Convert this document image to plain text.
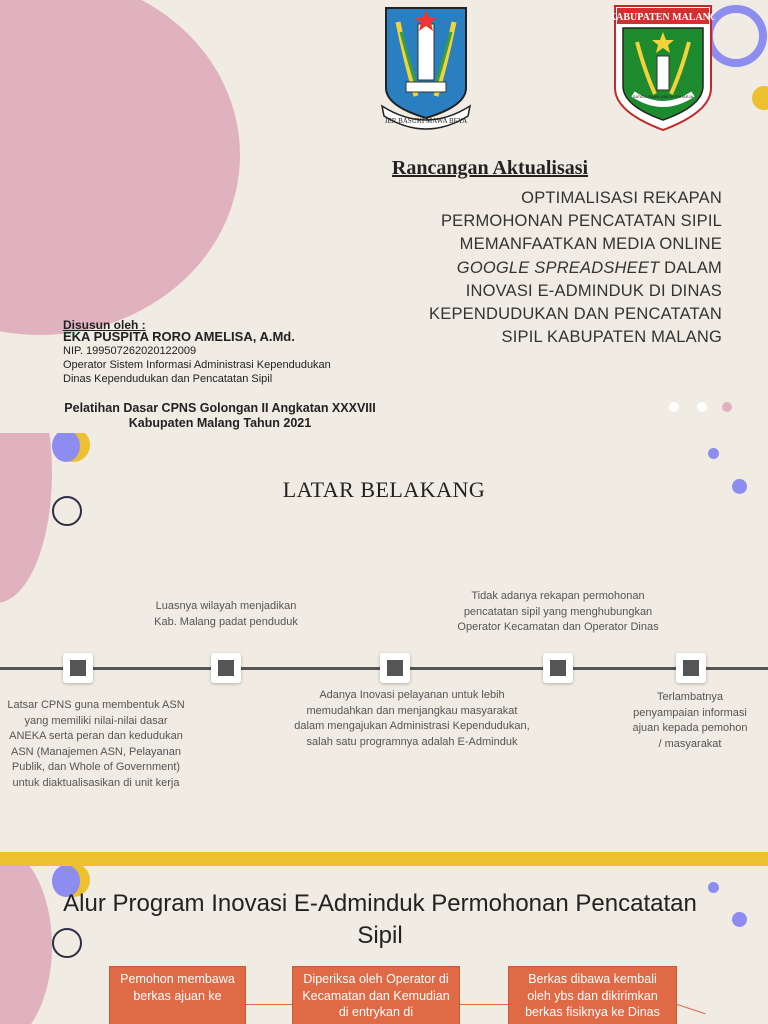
JER BASUKI MAWA BEYA
KABUPATEN MALANG
SATATA GAMA KARTA RAHARJA
Rancangan Aktualisasi
OPTIMALISASI REKAPAN
PERMOHONAN PENCATATAN SIPIL
MEMANFAATKAN MEDIA ONLINE
GOOGLE SPREADSHEET DALAM
INOVASI E-ADMINDUK DI DINAS
KEPENDUDUKAN DAN PENCATATAN
SIPIL KABUPATEN MALANG
Disusun oleh :
EKA PUSPITA RORO AMELISA, A.Md.
NIP. 199507262020122009
Operator Sistem Informasi Administrasi Kependudukan
Dinas Kependudukan dan Pencatatan Sipil
Pelatihan Dasar CPNS Golongan II Angkatan XXXVIII
Kabupaten Malang Tahun 2021
LATAR BELAKANG
Latsar CPNS guna membentuk ASN yang memiliki nilai-nilai dasar ANEKA serta peran dan kedudukan ASN (Manajemen ASN, Pelayanan Publik, dan Whole of Government) untuk diaktualisasikan di unit kerja
Luasnya wilayah menjadikan Kab. Malang padat penduduk
Adanya Inovasi pelayanan untuk lebih memudahkan dan menjangkau masyarakat dalam mengajukan Administrasi Kependudukan, salah satu programnya adalah E-Adminduk
Tidak adanya rekapan permohonan pencatatan sipil yang menghubungkan Operator Kecamatan dan Operator Dinas
Terlambatnya penyampaian informasi ajuan kepada pemohon / masyarakat
Alur Program Inovasi E-Adminduk Permohonan Pencatatan Sipil
Pemohon membawa berkas ajuan ke
Diperiksa oleh Operator di Kecamatan dan Kemudian di entrykan di
Berkas dibawa kembali oleh ybs dan dikirimkan berkas fisiknya ke Dinas
